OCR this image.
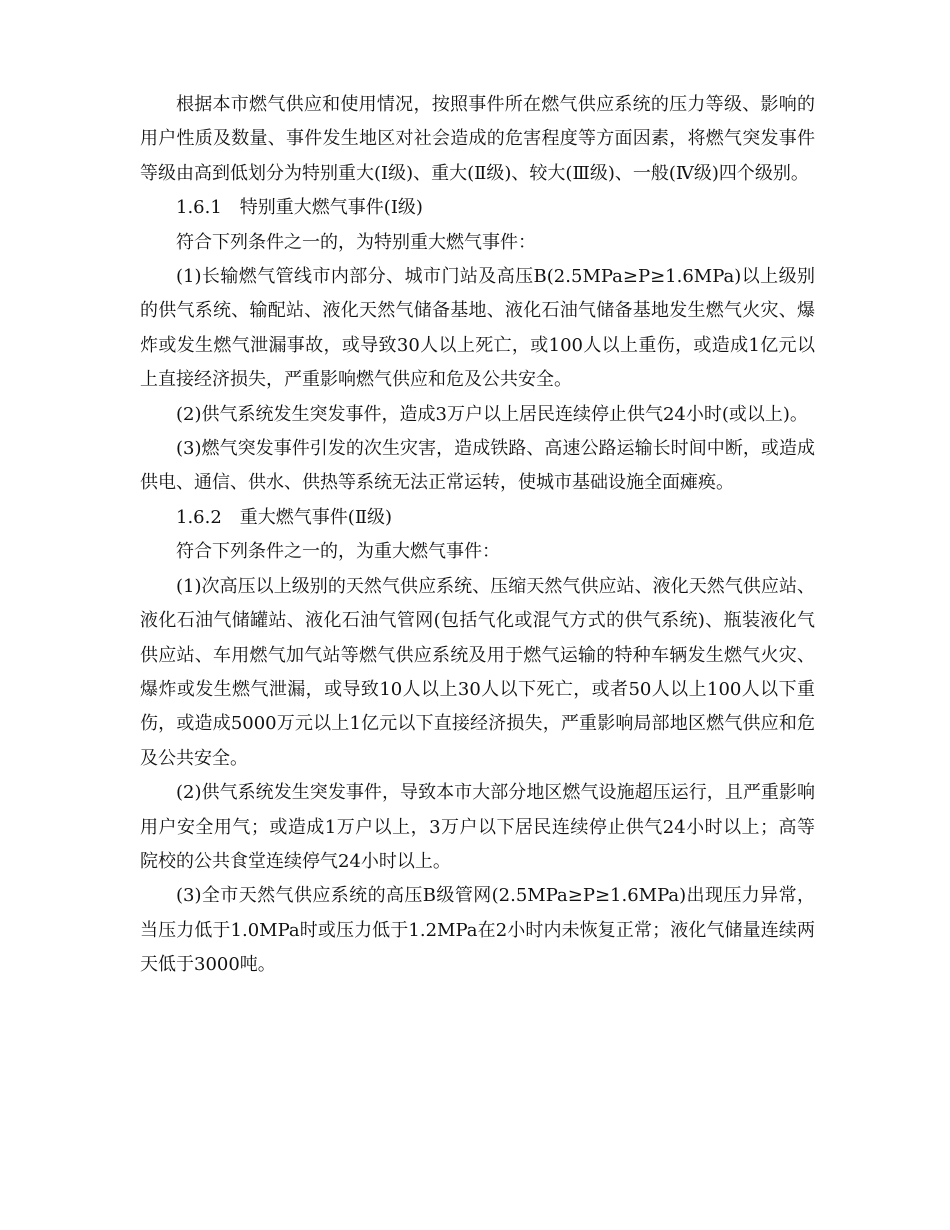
根据本市燃气供应和使用情况，按照事件所在燃气供应系统的压力等级、影响的用户性质及数量、事件发生地区对社会造成的危害程度等方面因素，将燃气突发事件等级由高到低划分为特别重大(Ⅰ级)、重大(Ⅱ级)、较大(Ⅲ级)、一般(Ⅳ级)四个级别。

1.6.1　特别重大燃气事件(Ⅰ级)

符合下列条件之一的，为特别重大燃气事件：

(1)长输燃气管线市内部分、城市门站及高压B(2.5MPa≥P≥1.6MPa)以上级别的供气系统、输配站、液化天然气储备基地、液化石油气储备基地发生燃气火灾、爆炸或发生燃气泄漏事故，或导致30人以上死亡，或100人以上重伤，或造成1亿元以上直接经济损失，严重影响燃气供应和危及公共安全。

(2)供气系统发生突发事件，造成3万户以上居民连续停止供气24小时(或以上)。

(3)燃气突发事件引发的次生灾害，造成铁路、高速公路运输长时间中断，或造成供电、通信、供水、供热等系统无法正常运转，使城市基础设施全面瘫痪。

1.6.2　重大燃气事件(Ⅱ级)

符合下列条件之一的，为重大燃气事件：

(1)次高压以上级别的天然气供应系统、压缩天然气供应站、液化天然气供应站、液化石油气储罐站、液化石油气管网(包括气化或混气方式的供气系统)、瓶装液化气供应站、车用燃气加气站等燃气供应系统及用于燃气运输的特种车辆发生燃气火灾、爆炸或发生燃气泄漏，或导致10人以上30人以下死亡，或者50人以上100人以下重伤，或造成5000万元以上1亿元以下直接经济损失，严重影响局部地区燃气供应和危及公共安全。

(2)供气系统发生突发事件，导致本市大部分地区燃气设施超压运行，且严重影响用户安全用气；或造成1万户以上，3万户以下居民连续停止供气24小时以上；高等院校的公共食堂连续停气24小时以上。

(3)全市天然气供应系统的高压B级管网(2.5MPa≥P≥1.6MPa)出现压力异常，当压力低于1.0MPa时或压力低于1.2MPa在2小时内未恢复正常；液化气储量连续两天低于3000吨。
